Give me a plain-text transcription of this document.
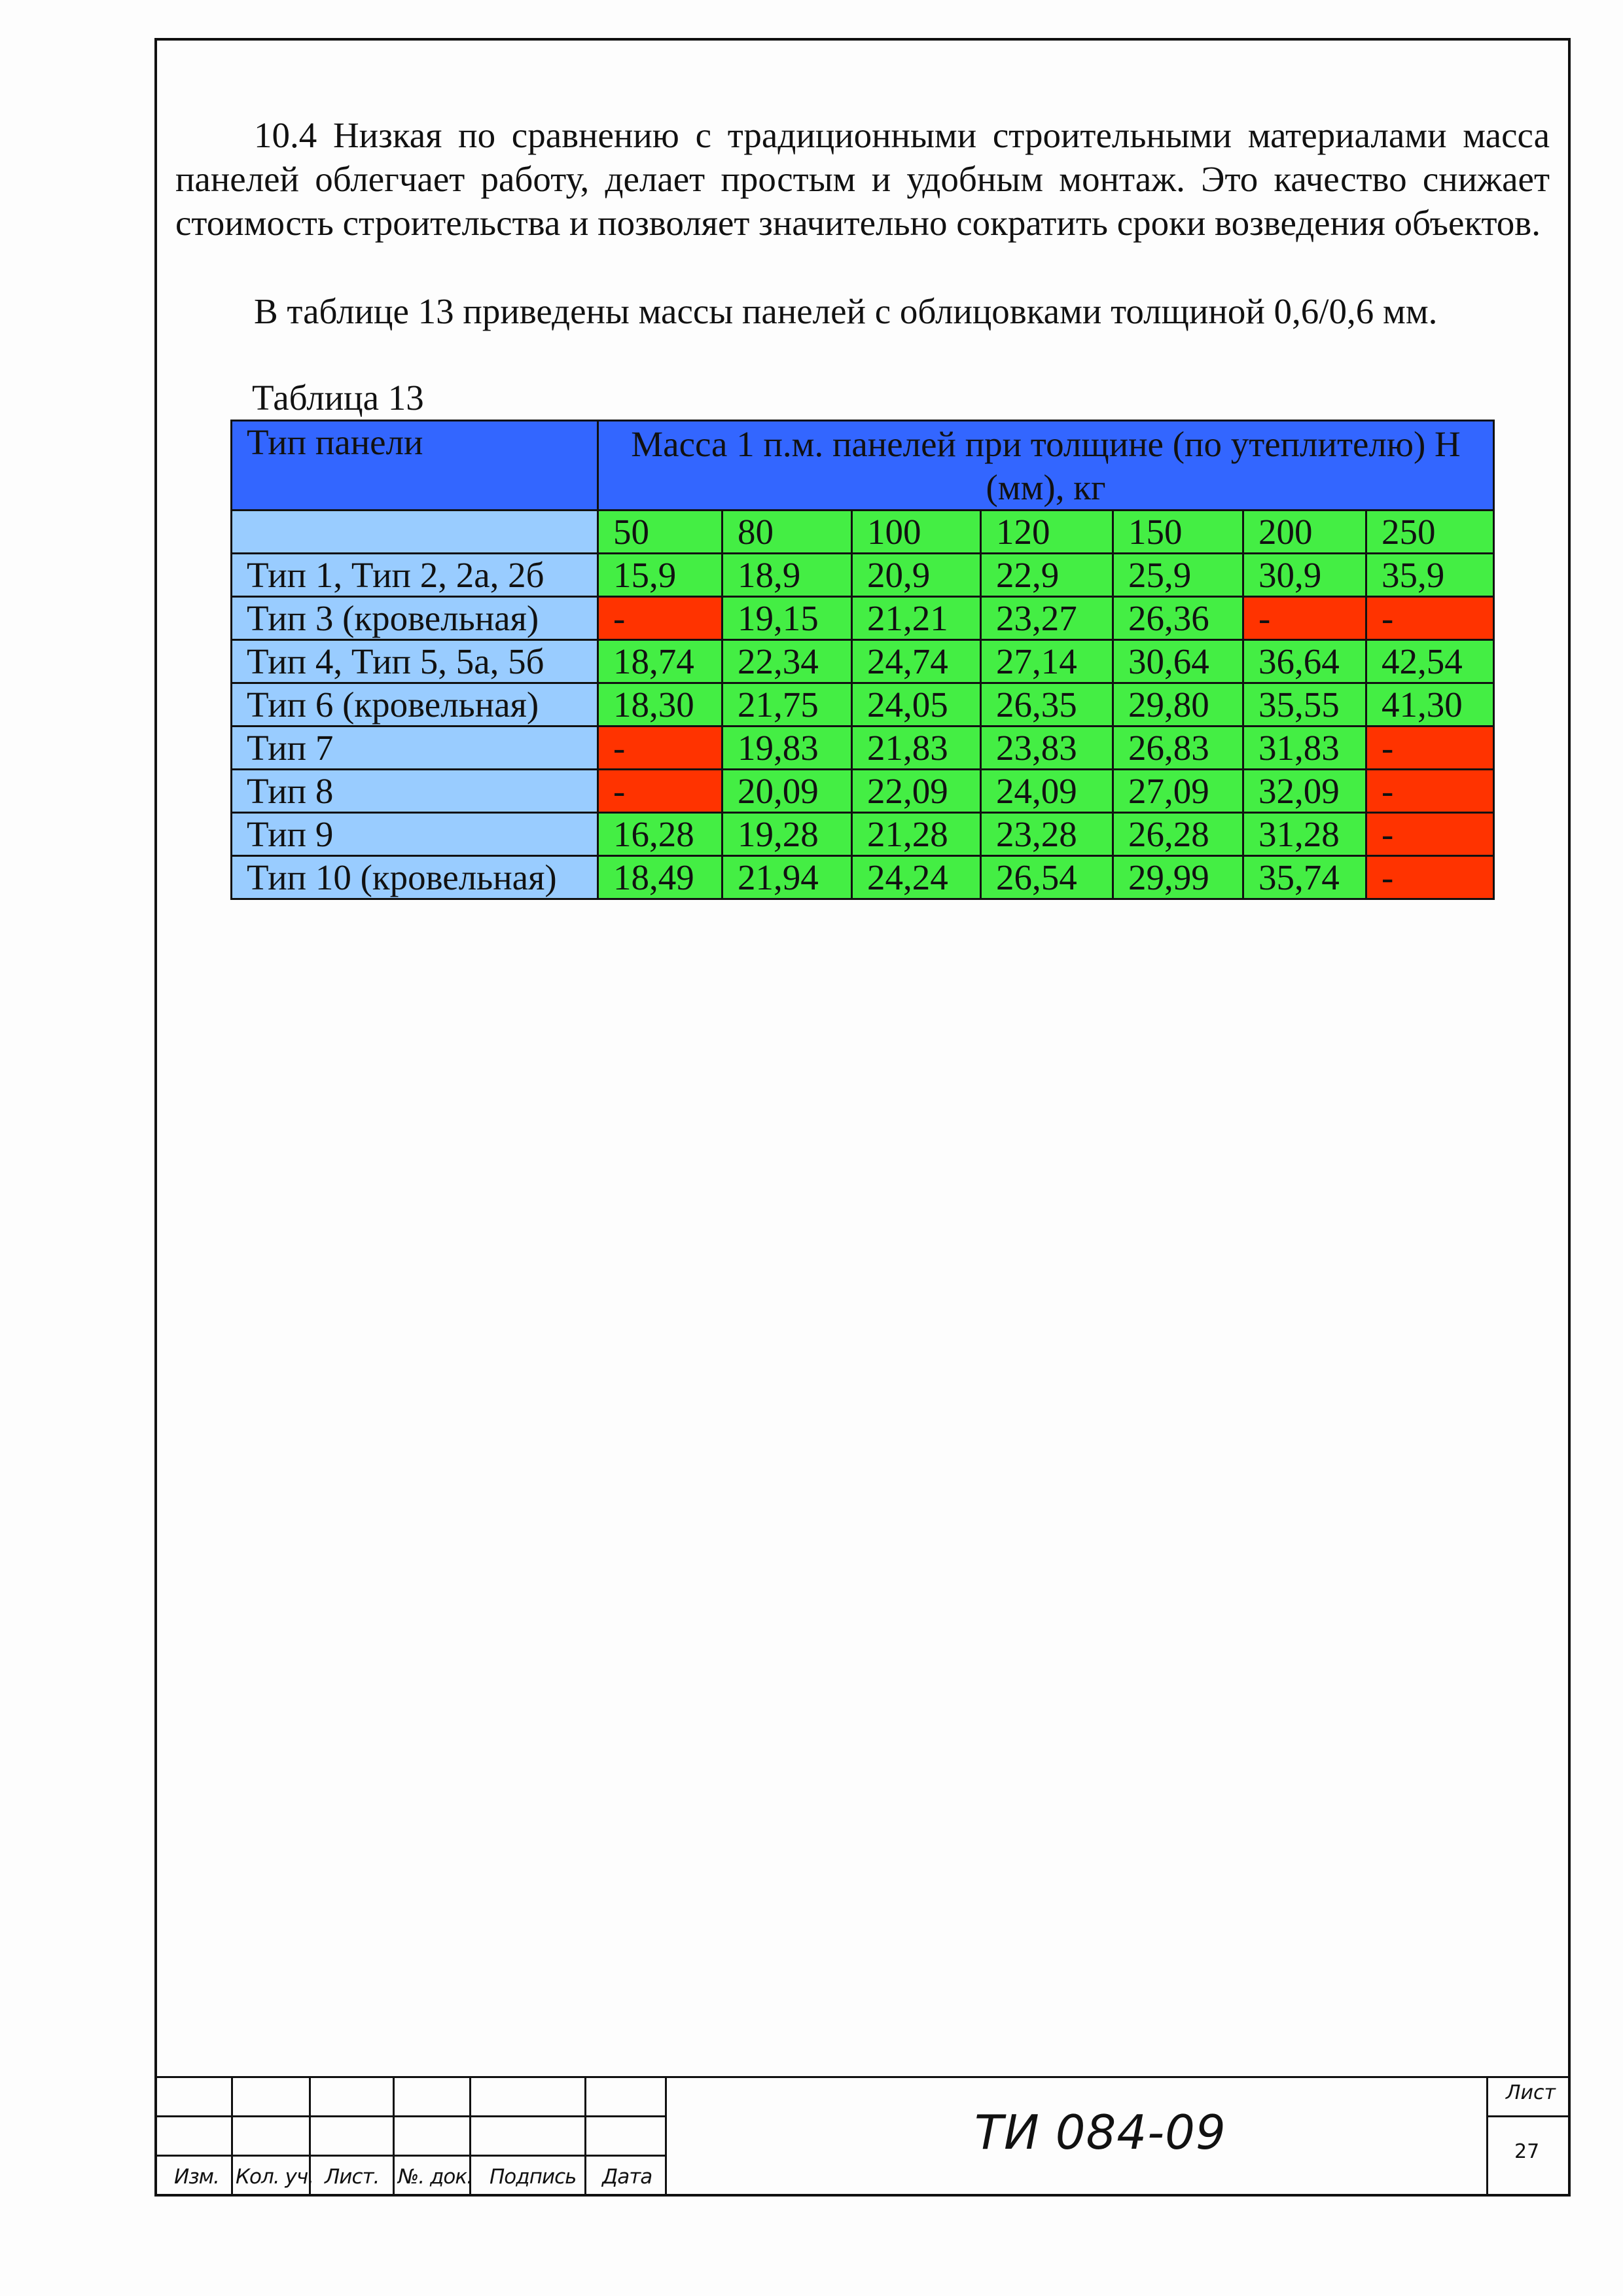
10.4 Низкая по сравнению с традиционными строительными материалами масса панелей облегчает работу, делает простым и удобным монтаж. Это качество снижает стоимость строительства и позволяет значительно сократить сроки возведения объектов.

В таблице 13 приведены массы панелей с облицовками толщиной 0,6/0,6 мм.

Таблица 13
Тип панели	Масса 1 п.м. панелей при толщине (по утеплителю) Н (мм), кг						
	50	80	100	120	150	200	250
Тип 1, Тип 2, 2а, 2б	15,9	18,9	20,9	22,9	25,9	30,9	35,9
Тип 3 (кровельная)	-	19,15	21,21	23,27	26,36	-	-
Тип 4, Тип 5, 5а, 5б	18,74	22,34	24,74	27,14	30,64	36,64	42,54
Тип 6 (кровельная)	18,30	21,75	24,05	26,35	29,80	35,55	41,30
Тип 7	-	19,83	21,83	23,83	26,83	31,83	-
Тип 8	-	20,09	22,09	24,09	27,09	32,09	-
Тип 9	16,28	19,28	21,28	23,28	26,28	31,28	-
Тип 10 (кровельная)	18,49	21,94	24,24	26,54	29,99	35,74	-
Изм. Кол. уч. Лист. №. док. Подпись Дата
ТИ 084-09
Лист
27
